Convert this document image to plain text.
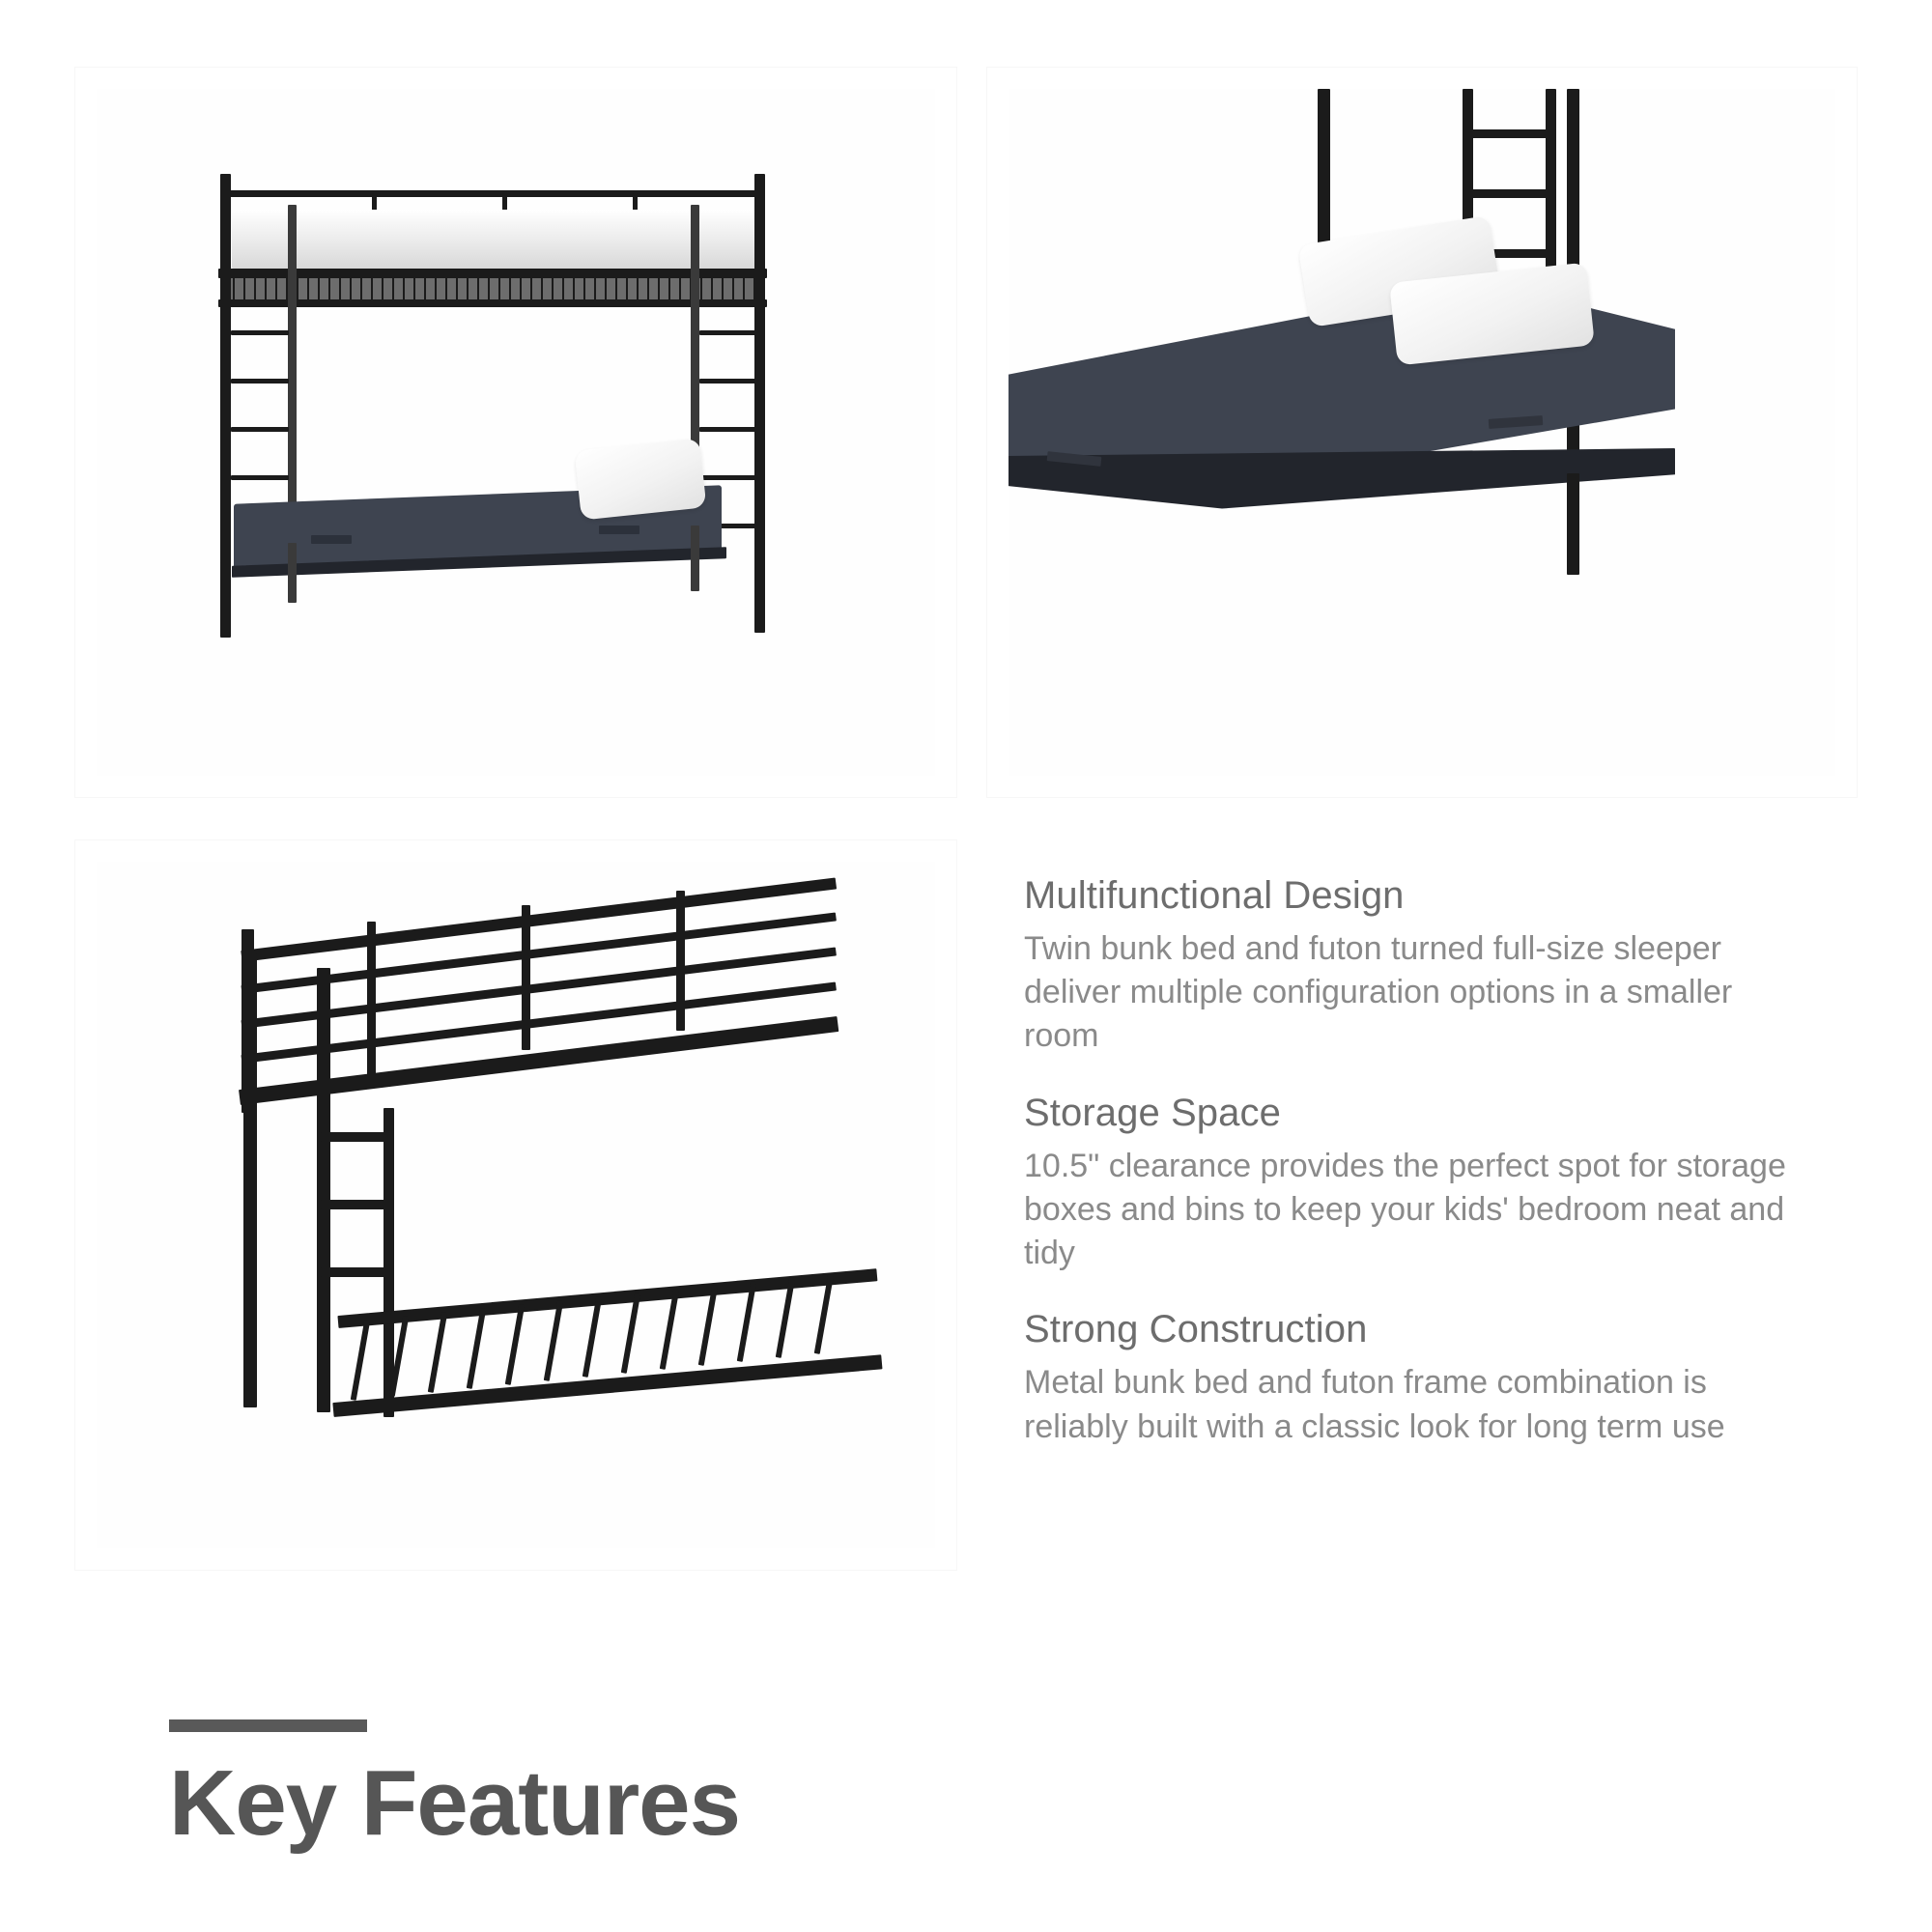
Multifunctional Design

Twin bunk bed and futon turned full-size sleeper deliver multiple configuration options in a smaller room

Storage Space

10.5" clearance provides the perfect spot for storage boxes and bins to keep your kids' bedroom neat and tidy

Strong Construction

Metal bunk bed and futon frame combination is reliably built with a classic look for long term use

Key Features
